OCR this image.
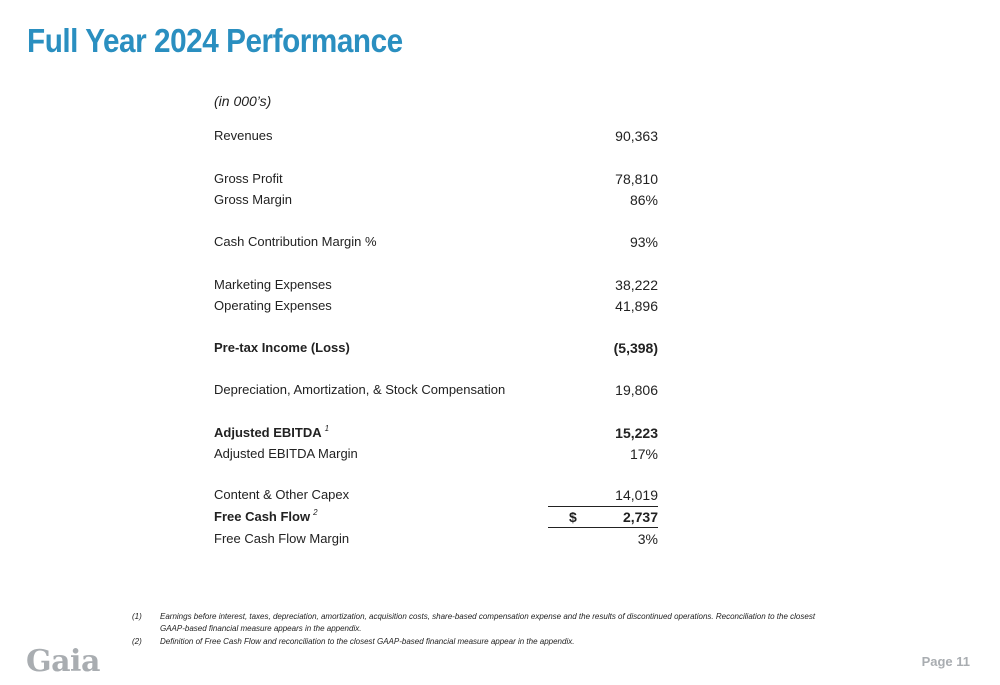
Full Year 2024 Performance
(in 000’s)
Revenues	90,363
Gross Profit	78,810
Gross Margin	86%
Cash Contribution Margin %	93%
Marketing Expenses	38,222
Operating Expenses	41,896
Pre-tax Income (Loss)	(5,398)
Depreciation, Amortization, & Stock Compensation	19,806
Adjusted EBITDA $^1$	15,223
Adjusted EBITDA Margin	17%
Content & Other Capex	14,019
Free Cash Flow $^2$	$	2,737
Free Cash Flow Margin	3%
(1) Earnings before interest, taxes, depreciation, amortization, acquisition costs, share-based compensation expense and the results of discontinued operations. Reconciliation to the closest GAAP-based financial measure appears in the appendix.
(2) Definition of Free Cash Flow and reconciliation to the closest GAAP-based financial measure appear in the appendix.
Gaia	Page 11
